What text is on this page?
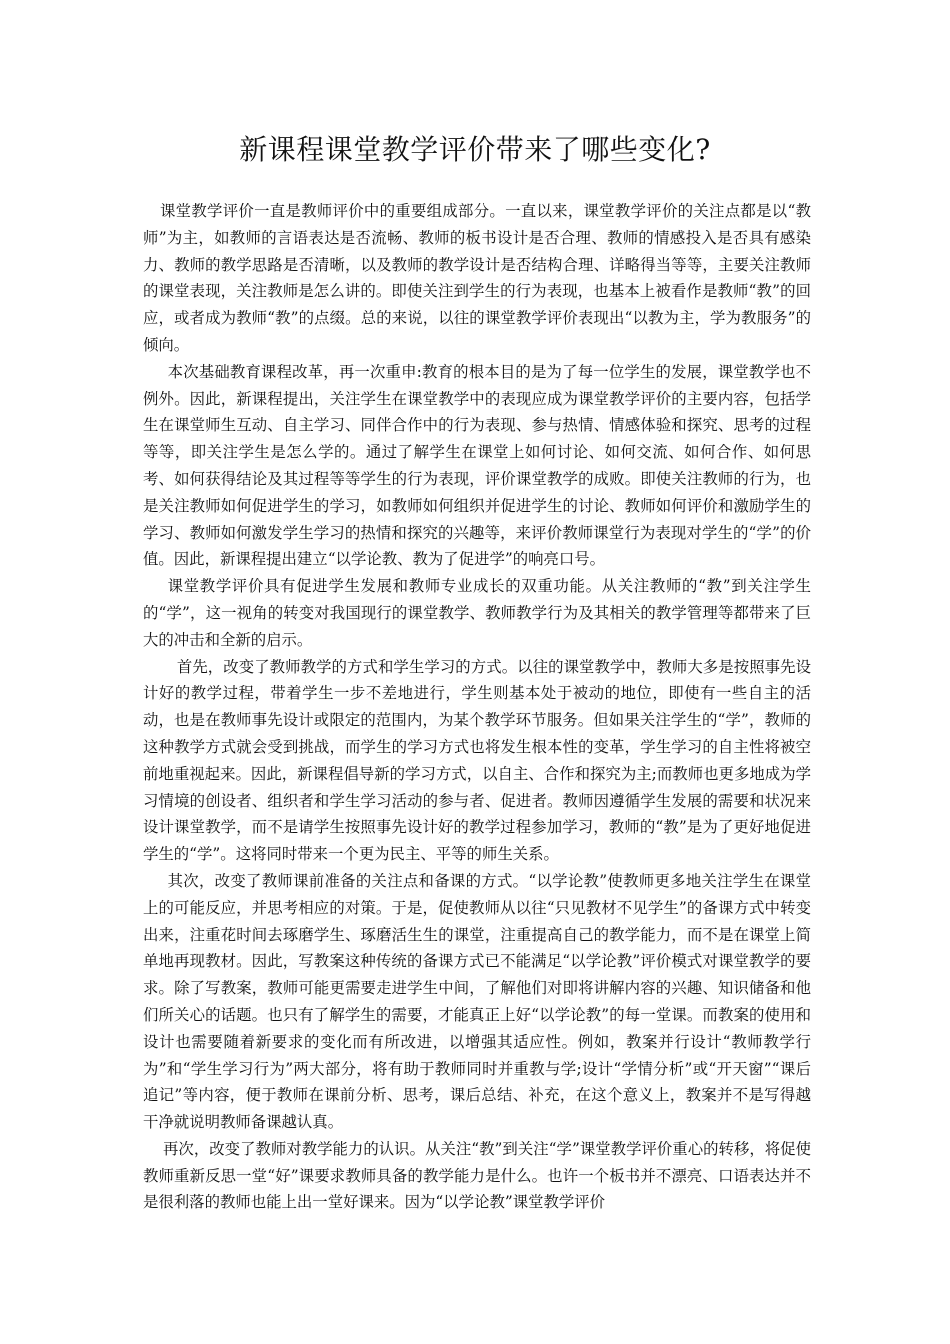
新课程课堂教学评价带来了哪些变化?

课堂教学评价一直是教师评价中的重要组成部分。一直以来，课堂教学评价的关注点都是以“教师”为主，如教师的言语表达是否流畅、教师的板书设计是否合理、教师的情感投入是否具有感染力、教师的教学思路是否清晰，以及教师的教学设计是否结构合理、详略得当等等，主要关注教师的课堂表现，关注教师是怎么讲的。即使关注到学生的行为表现，也基本上被看作是教师“教”的回应，或者成为教师“教”的点缀。总的来说，以往的课堂教学评价表现出“以教为主，学为教服务”的倾向。

本次基础教育课程改革，再一次重申:教育的根本目的是为了每一位学生的发展，课堂教学也不例外。因此，新课程提出，关注学生在课堂教学中的表现应成为课堂教学评价的主要内容，包括学生在课堂师生互动、自主学习、同伴合作中的行为表现、参与热情、情感体验和探究、思考的过程等等，即关注学生是怎么学的。通过了解学生在课堂上如何讨论、如何交流、如何合作、如何思考、如何获得结论及其过程等等学生的行为表现，评价课堂教学的成败。即使关注教师的行为，也是关注教师如何促进学生的学习，如教师如何组织并促进学生的讨论、教师如何评价和激励学生的学习、教师如何激发学生学习的热情和探究的兴趣等，来评价教师课堂行为表现对学生的“学”的价值。因此，新课程提出建立“以学论教、教为了促进学”的响亮口号。

课堂教学评价具有促进学生发展和教师专业成长的双重功能。从关注教师的“教”到关注学生的“学”，这一视角的转变对我国现行的课堂教学、教师教学行为及其相关的教学管理等都带来了巨大的冲击和全新的启示。

首先，改变了教师教学的方式和学生学习的方式。以往的课堂教学中，教师大多是按照事先设计好的教学过程，带着学生一步不差地进行，学生则基本处于被动的地位，即使有一些自主的活动，也是在教师事先设计或限定的范围内，为某个教学环节服务。但如果关注学生的“学”，教师的这种教学方式就会受到挑战，而学生的学习方式也将发生根本性的变革，学生学习的自主性将被空前地重视起来。因此，新课程倡导新的学习方式，以自主、合作和探究为主;而教师也更多地成为学习情境的创设者、组织者和学生学习活动的参与者、促进者。教师因遵循学生发展的需要和状况来设计课堂教学，而不是请学生按照事先设计好的教学过程参加学习，教师的“教”是为了更好地促进学生的“学”。这将同时带来一个更为民主、平等的师生关系。

其次，改变了教师课前准备的关注点和备课的方式。“以学论教”使教师更多地关注学生在课堂上的可能反应，并思考相应的对策。于是，促使教师从以往“只见教材不见学生”的备课方式中转变出来，注重花时间去琢磨学生、琢磨活生生的课堂，注重提高自己的教学能力，而不是在课堂上简单地再现教材。因此，写教案这种传统的备课方式已不能满足“以学论教”评价模式对课堂教学的要求。除了写教案，教师可能更需要走进学生中间，了解他们对即将讲解内容的兴趣、知识储备和他们所关心的话题。也只有了解学生的需要，才能真正上好“以学论教”的每一堂课。而教案的使用和设计也需要随着新要求的变化而有所改进，以增强其适应性。例如，教案并行设计“教师教学行为”和“学生学习行为”两大部分，将有助于教师同时并重教与学;设计“学情分析”或“开天窗”“课后追记”等内容，便于教师在课前分析、思考，课后总结、补充，在这个意义上，教案并不是写得越干净就说明教师备课越认真。

再次，改变了教师对教学能力的认识。从关注“教”到关注“学”课堂教学评价重心的转移，将促使教师重新反思一堂“好”课要求教师具备的教学能力是什么。也许一个板书并不漂亮、口语表达并不是很利落的教师也能上出一堂好课来。因为“以学论教”课堂教学评价
